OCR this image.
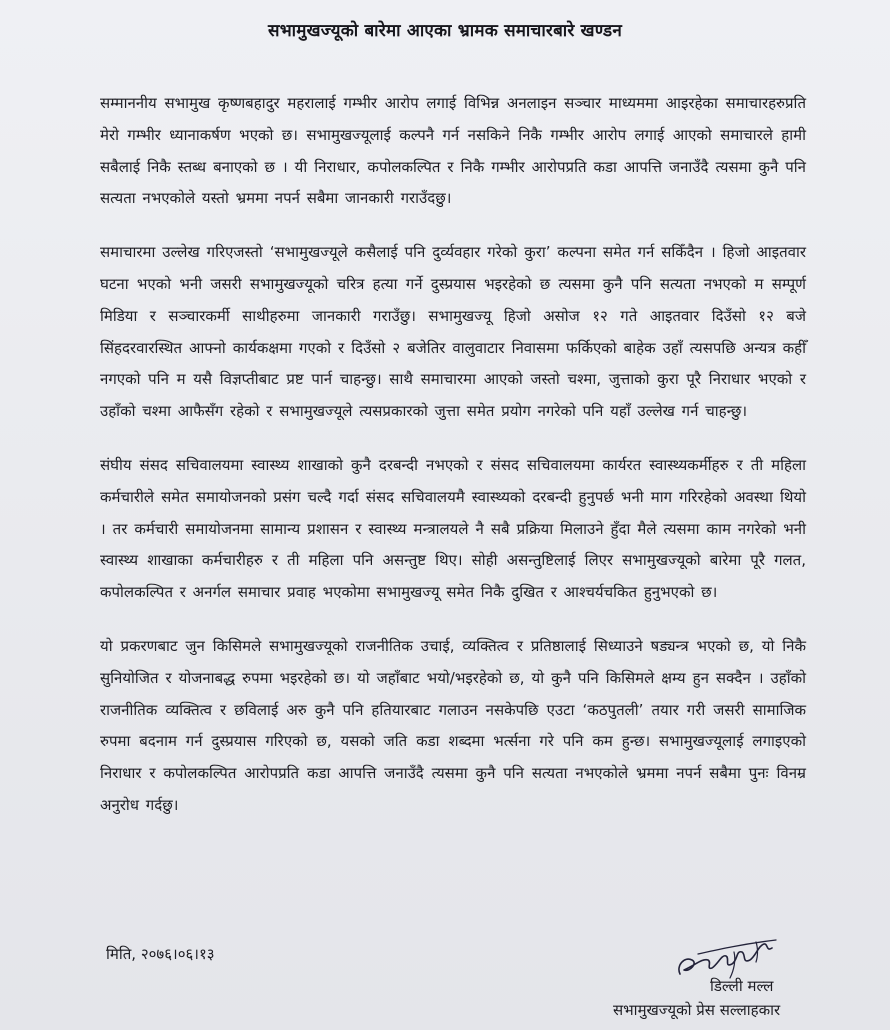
सभामुखज्यूको बारेमा आएका भ्रामक समाचारबारे खण्डन

सम्माननीय सभामुख कृष्णबहादुर महरालाई गम्भीर आरोप लगाई विभिन्न अनलाइन सञ्चार माध्यममा आइरहेका समाचारहरुप्रति मेरो गम्भीर ध्यानाकर्षण भएको छ। सभामुखज्यूलाई कल्पनै गर्न नसकिने निकै गम्भीर आरोप लगाई आएको समाचारले हामी सबैलाई निकै स्तब्ध बनाएको छ । यी निराधार, कपोलकल्पित र निकै गम्भीर आरोपप्रति कडा आपत्ति जनाउँदै त्यसमा कुनै पनि सत्यता नभएकोले यस्तो भ्रममा नपर्न सबैमा जानकारी गराउँदछु।

समाचारमा उल्लेख गरिएजस्तो ‘सभामुखज्यूले कसैलाई पनि दुर्व्यवहार गरेको कुरा’ कल्पना समेत गर्न सकिँदैन । हिजो आइतवार घटना भएको भनी जसरी सभामुखज्यूको चरित्र हत्या गर्ने दुस्प्रयास भइरहेको छ त्यसमा कुनै पनि सत्यता नभएको म सम्पूर्ण मिडिया र सञ्चारकर्मी साथीहरुमा जानकारी गराउँछु। सभामुखज्यू हिजो असोज १२ गते आइतवार दिउँसो १२ बजे सिंहदरवारस्थित आफ्नो कार्यकक्षमा गएको र दिउँसो २ बजेतिर वालुवाटार निवासमा फर्किएको बाहेक उहाँ त्यसपछि अन्यत्र कहीँ नगएको पनि म यसै विज्ञप्तीबाट प्रष्ट पार्न चाहन्छु। साथै समाचारमा आएको जस्तो चश्मा, जुत्ताको कुरा पूरै निराधार भएको र उहाँको चश्मा आफैसँग रहेको र सभामुखज्यूले त्यसप्रकारको जुत्ता समेत प्रयोग नगरेको पनि यहाँ उल्लेख गर्न चाहन्छु।

संघीय संसद सचिवालयमा स्वास्थ्य शाखाको कुनै दरबन्दी नभएको र संसद सचिवालयमा कार्यरत स्वास्थ्यकर्मीहरु र ती महिला कर्मचारीले समेत समायोजनको प्रसंग चल्दै गर्दा संसद सचिवालयमै स्वास्थ्यको दरबन्दी हुनुपर्छ भनी माग गरिरहेको अवस्था थियो । तर कर्मचारी समायोजनमा सामान्य प्रशासन र स्वास्थ्य मन्त्रालयले नै सबै प्रक्रिया मिलाउने हुँदा मैले त्यसमा काम नगरेको भनी स्वास्थ्य शाखाका कर्मचारीहरु र ती महिला पनि असन्तुष्ट थिए। सोही असन्तुष्टिलाई लिएर सभामुखज्यूको बारेमा पूरै गलत, कपोलकल्पित र अनर्गल समाचार प्रवाह भएकोमा सभामुखज्यू समेत निकै दुखित र आश्चर्यचकित हुनुभएको छ।

यो प्रकरणबाट जुन किसिमले सभामुखज्यूको राजनीतिक उचाई, व्यक्तित्व र प्रतिष्ठालाई सिध्याउने षड्यन्त्र भएको छ, यो निकै सुनियोजित र योजनाबद्ध रुपमा भइरहेको छ। यो जहाँबाट भयो/भइरहेको छ, यो कुनै पनि किसिमले क्षम्य हुन सक्दैन । उहाँको राजनीतिक व्यक्तित्व र छविलाई अरु कुनै पनि हतियारबाट गलाउन नसकेपछि एउटा ‘कठपुतली’ तयार गरी जसरी सामाजिक रुपमा बदनाम गर्न दुस्प्रयास गरिएको छ, यसको जति कडा शब्दमा भर्त्सना गरे पनि कम हुन्छ। सभामुखज्यूलाई लगाइएको निराधार र कपोलकल्पित आरोपप्रति कडा आपत्ति जनाउँदै त्यसमा कुनै पनि सत्यता नभएकोले भ्रममा नपर्न सबैमा पुनः विनम्र अनुरोध गर्दछु।

मिति, २०७६।०६।१३
डिल्ली मल्ल
सभामुखज्यूको प्रेस सल्लाहकार
